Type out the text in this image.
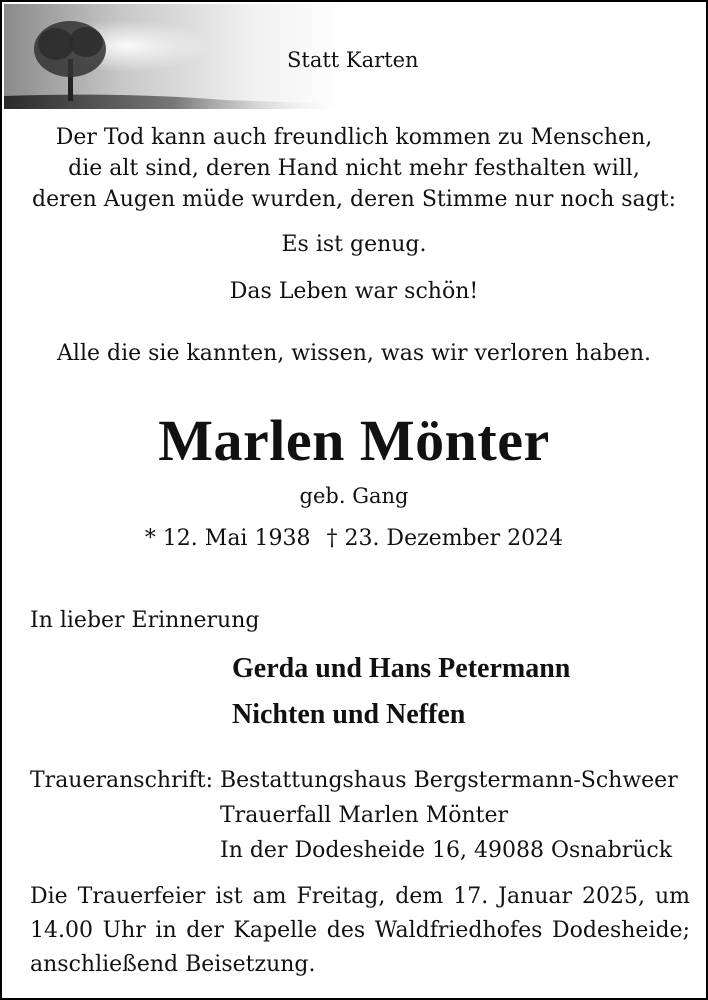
Statt Karten
Der Tod kann auch freundlich kommen zu Menschen,
die alt sind, deren Hand nicht mehr festhalten will,
deren Augen müde wurden, deren Stimme nur noch sagt:
Es ist genug.
Das Leben war schön!
Alle die sie kannten, wissen, was wir verloren haben.
Marlen Mönter
geb. Gang
* 12. Mai 1938 † 23. Dezember 2024
In lieber Erinnerung
Gerda und Hans Petermann
Nichten und Neffen
Traueranschrift: Bestattungshaus Bergstermann-Schweer
Trauerfall Marlen Mönter
In der Dodesheide 16, 49088 Osnabrück
Die Trauerfeier ist am Freitag, dem 17. Januar 2025, um 14.00 Uhr in der Kapelle des Waldfriedhofes Dodesheide; anschließend Beisetzung.
